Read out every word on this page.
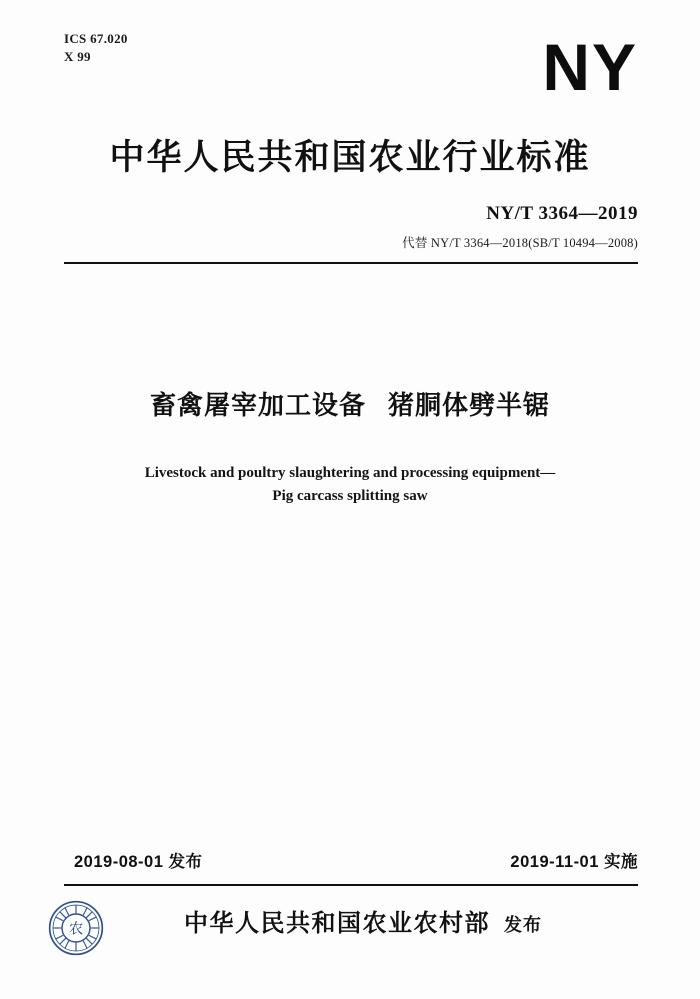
ICS 67.020
X 99	NY
中华人民共和国农业行业标准
NY/T 3364—2019
代替 NY/T 3364—2018(SB/T 10494—2008)
畜禽屠宰加工设备 猪胴体劈半锯
Livestock and poultry slaughtering and processing equipment—
Pig carcass splitting saw
2019-08-01 发布	2019-11-01 实施
中华人民共和国农业农村部 发布
农
